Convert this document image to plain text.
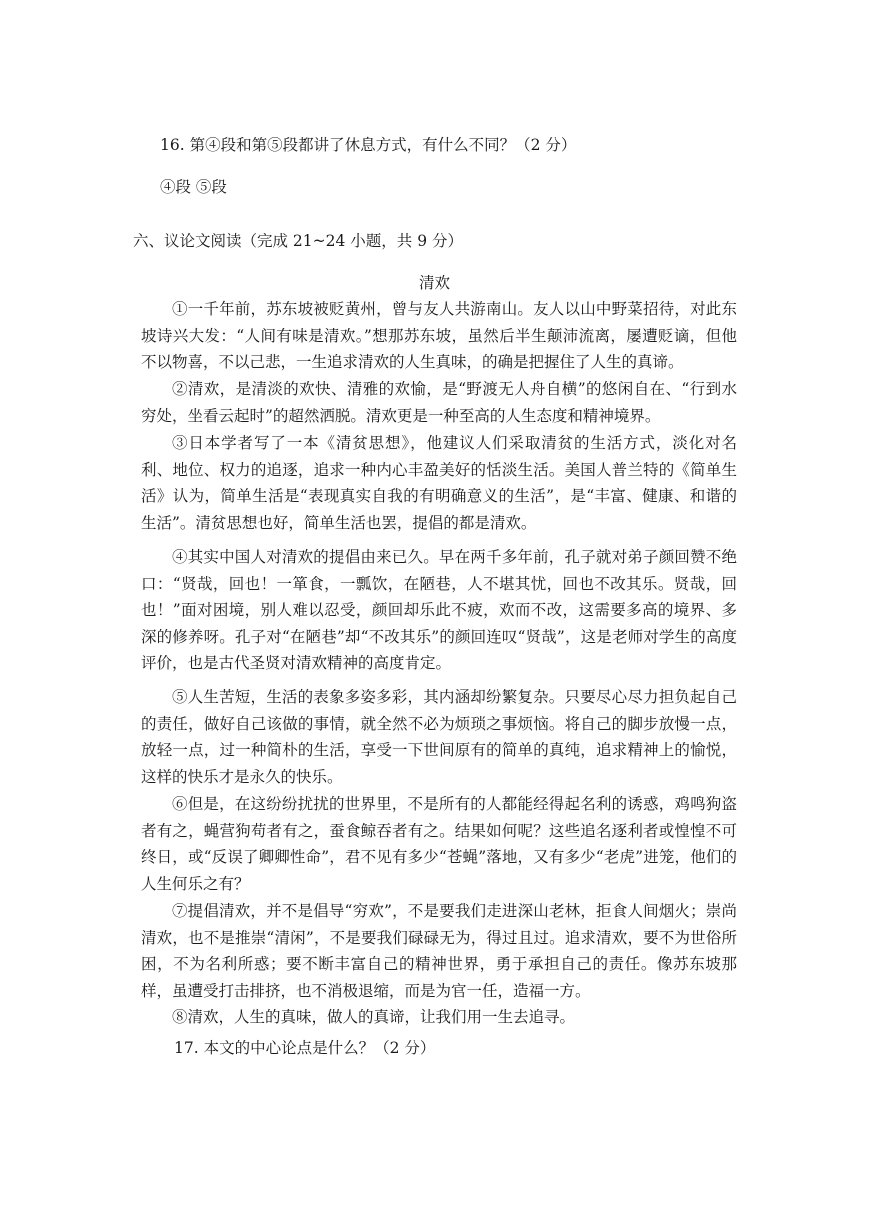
16. 第④段和第⑤段都讲了休息方式，有什么不同？（2 分）
④段 ⑤段
六、议论文阅读（完成 21~24 小题，共 9 分）
清欢

①一千年前，苏东坡被贬黄州，曾与友人共游南山。友人以山中野菜招待，对此东坡诗兴大发：“人间有味是清欢。”想那苏东坡，虽然后半生颠沛流离，屡遭贬谪，但他不以物喜，不以己悲，一生追求清欢的人生真味，的确是把握住了人生的真谛。

②清欢，是清淡的欢快、清雅的欢愉，是“野渡无人舟自横”的悠闲自在、“行到水穷处，坐看云起时”的超然洒脱。清欢更是一种至高的人生态度和精神境界。

③日本学者写了一本《清贫思想》，他建议人们采取清贫的生活方式，淡化对名利、地位、权力的追逐，追求一种内心丰盈美好的恬淡生活。美国人普兰特的《简单生活》认为，简单生活是“表现真实自我的有明确意义的生活”，是“丰富、健康、和谐的生活”。清贫思想也好，简单生活也罢，提倡的都是清欢。

④其实中国人对清欢的提倡由来已久。早在两千多年前，孔子就对弟子颜回赞不绝口：“贤哉，回也！一箪食，一瓢饮，在陋巷，人不堪其忧，回也不改其乐。贤哉，回也！”面对困境，别人难以忍受，颜回却乐此不疲，欢而不改，这需要多高的境界、多深的修养呀。孔子对“在陋巷”却“不改其乐”的颜回连叹“贤哉”，这是老师对学生的高度评价，也是古代圣贤对清欢精神的高度肯定。

⑤人生苦短，生活的表象多姿多彩，其内涵却纷繁复杂。只要尽心尽力担负起自己的责任，做好自己该做的事情，就全然不必为烦琐之事烦恼。将自己的脚步放慢一点，放轻一点，过一种简朴的生活，享受一下世间原有的简单的真纯，追求精神上的愉悦，这样的快乐才是永久的快乐。

⑥但是，在这纷纷扰扰的世界里，不是所有的人都能经得起名利的诱惑，鸡鸣狗盗者有之，蝇营狗苟者有之，蚕食鲸吞者有之。结果如何呢？这些追名逐利者或惶惶不可终日，或“反误了卿卿性命”，君不见有多少“苍蝇”落地，又有多少“老虎”进笼，他们的人生何乐之有？

⑦提倡清欢，并不是倡导“穷欢”，不是要我们走进深山老林，拒食人间烟火；崇尚清欢，也不是推崇“清闲”，不是要我们碌碌无为，得过且过。追求清欢，要不为世俗所困，不为名利所惑；要不断丰富自己的精神世界，勇于承担自己的责任。像苏东坡那样，虽遭受打击排挤，也不消极退缩，而是为官一任，造福一方。

⑧清欢，人生的真味，做人的真谛，让我们用一生去追寻。

17. 本文的中心论点是什么？（2 分）
